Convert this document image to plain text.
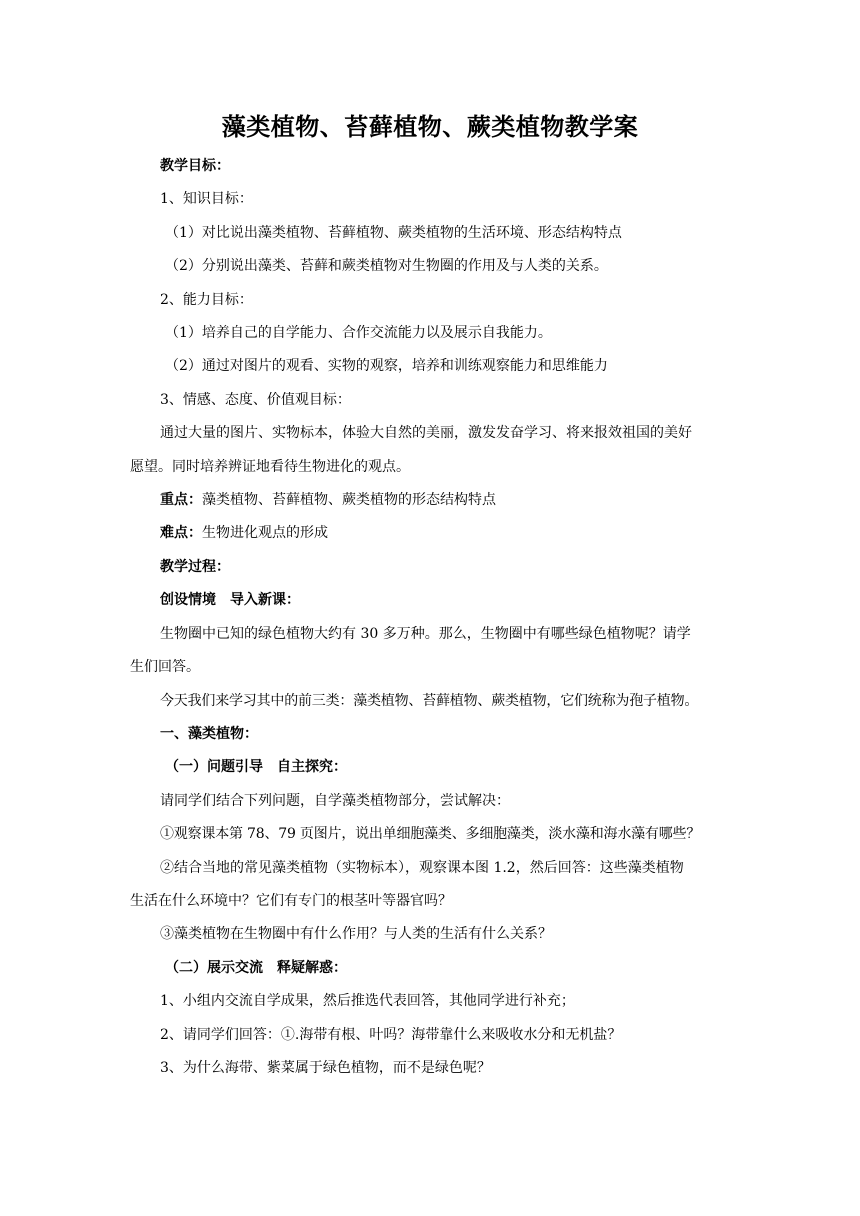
藻类植物、苔藓植物、蕨类植物教学案

教学目标：

1、知识目标：

（1）对比说出藻类植物、苔藓植物、蕨类植物的生活环境、形态结构特点

（2）分别说出藻类、苔藓和蕨类植物对生物圈的作用及与人类的关系。

2、能力目标：

（1）培养自己的自学能力、合作交流能力以及展示自我能力。

（2）通过对图片的观看、实物的观察，培养和训练观察能力和思维能力

3、情感、态度、价值观目标：

通过大量的图片、实物标本，体验大自然的美丽，激发发奋学习、将来报效祖国的美好

愿望。同时培养辨证地看待生物进化的观点。

重点：藻类植物、苔藓植物、蕨类植物的形态结构特点

难点：生物进化观点的形成

教学过程：

创设情境　导入新课：

生物圈中已知的绿色植物大约有 30 多万种。那么，生物圈中有哪些绿色植物呢？请学

生们回答。

今天我们来学习其中的前三类：藻类植物、苔藓植物、蕨类植物，它们统称为孢子植物。

一、藻类植物：

（一）问题引导　自主探究：

请同学们结合下列问题，自学藻类植物部分，尝试解决：

①观察课本第 78、79 页图片，说出单细胞藻类、多细胞藻类，淡水藻和海水藻有哪些？

②结合当地的常见藻类植物（实物标本），观察课本图 1.2，然后回答：这些藻类植物

生活在什么环境中？它们有专门的根茎叶等器官吗？

③藻类植物在生物圈中有什么作用？与人类的生活有什么关系？

（二）展示交流　释疑解惑：

1、小组内交流自学成果，然后推选代表回答，其他同学进行补充；

2、请同学们回答：①.海带有根、叶吗？海带靠什么来吸收水分和无机盐？

3、为什么海带、紫菜属于绿色植物，而不是绿色呢？
